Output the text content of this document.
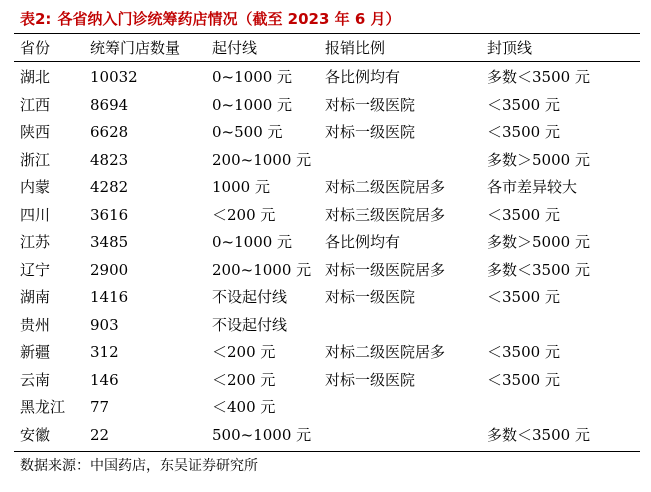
表2: 各省纳入门诊统筹药店情况（截至 2023 年 6 月）
省份	统筹门店数量	起付线	报销比例	封顶线
湖北	10032	0~1000 元	各比例均有	多数＜3500 元
江西	8694	0~1000 元	对标一级医院	＜3500 元
陕西	6628	0~500 元	对标一级医院	＜3500 元
浙江	4823	200~1000 元		多数＞5000 元
内蒙	4282	1000 元	对标二级医院居多	各市差异较大
四川	3616	＜200 元	对标三级医院居多	＜3500 元
江苏	3485	0~1000 元	各比例均有	多数＞5000 元
辽宁	2900	200~1000 元	对标一级医院居多	多数＜3500 元
湖南	1416	不设起付线	对标一级医院	＜3500 元
贵州	903	不设起付线		
新疆	312	＜200 元	对标二级医院居多	＜3500 元
云南	146	＜200 元	对标一级医院	＜3500 元
黑龙江	77	＜400 元		
安徽	22	500~1000 元		多数＜3500 元
数据来源：中国药店，东吴证券研究所
